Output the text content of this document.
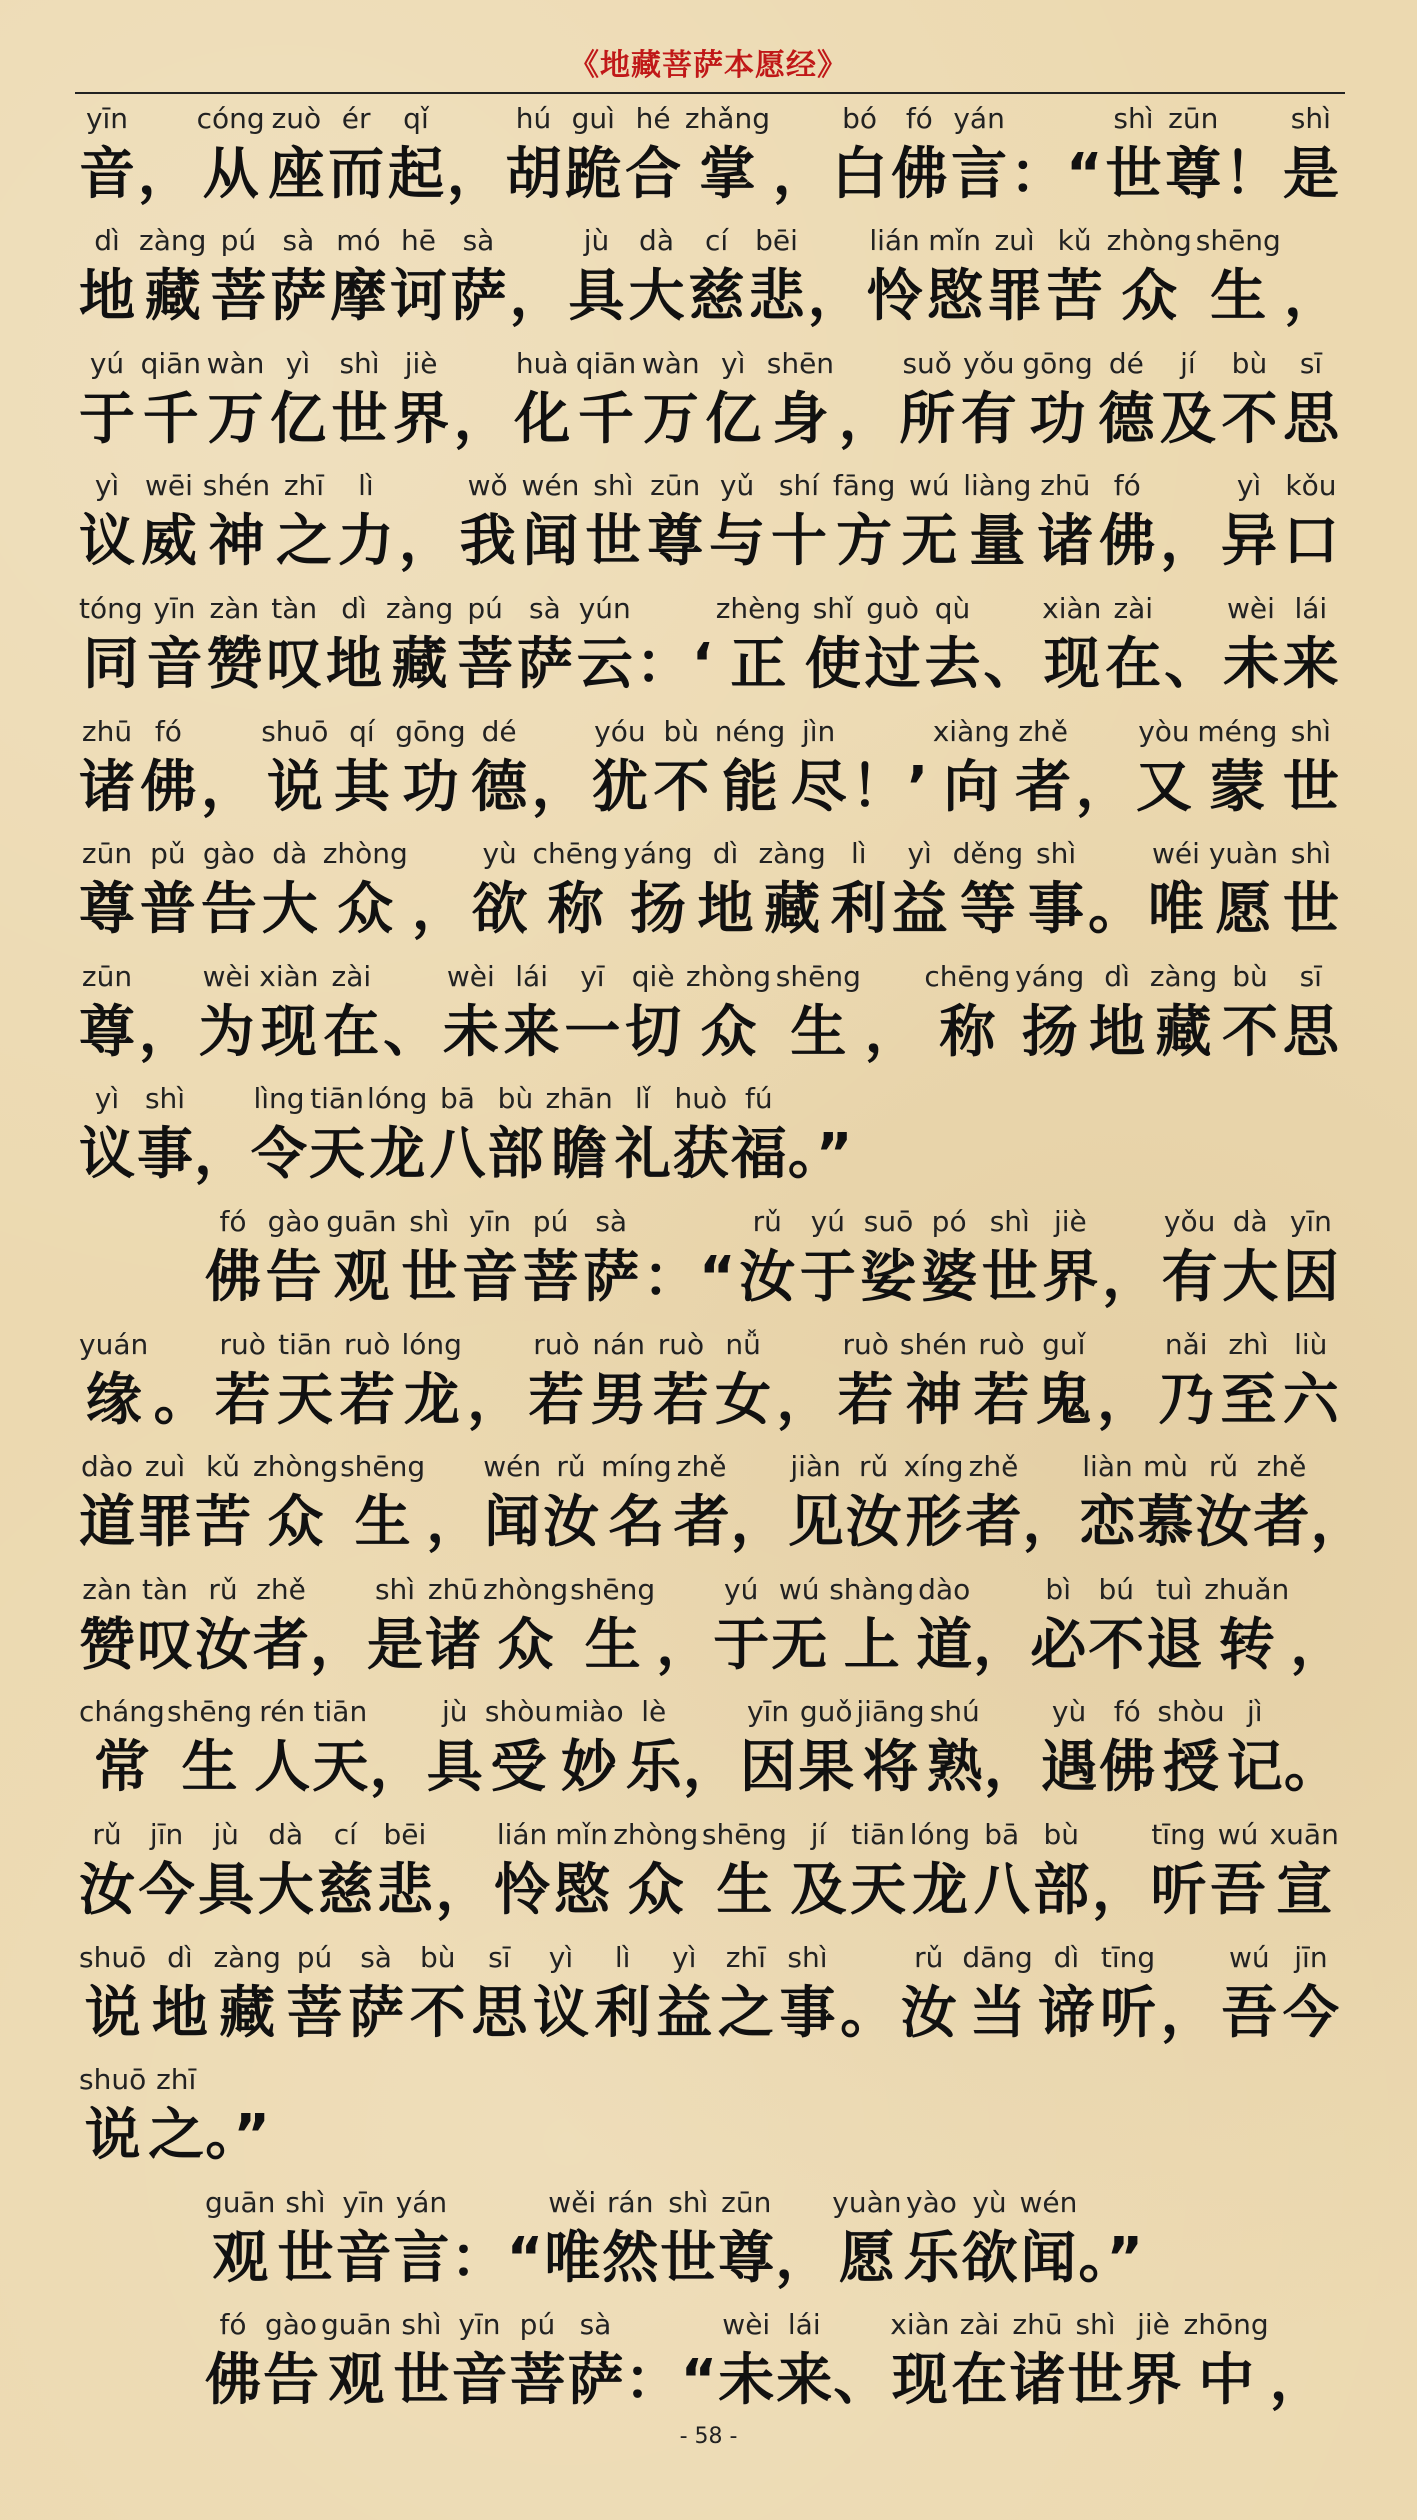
《地藏菩萨本愿经》
音yīn
， 从cóng
座zuò
而ér
起qǐ
， 胡hú
跪guì
合hé
掌zhǎng
， 白bó
佛fó
言yán
：“ 世shì
尊zūn
！ 是shì
地dì
藏zàng
菩pú
萨sà
摩mó
诃hē
萨sà
， 具jù
大dà
慈cí
悲bēi
， 怜lián
愍mǐn
罪zuì
苦kǔ
众zhòng
生shēng
，
于yú
千qiān
万wàn
亿yì
世shì
界jiè
， 化huà
千qiān
万wàn
亿yì
身shēn
， 所suǒ
有yǒu
功gōng
德dé
及jí
不bù
思sī
议yì
威wēi
神shén
之zhī
力lì
， 我wǒ
闻wén
世shì
尊zūn
与yǔ
十shí
方fāng
无wú
量liàng
诸zhū
佛fó
， 异yì
口kǒu
同tóng
音yīn
赞zàn
叹tàn
地dì
藏zàng
菩pú
萨sà
云yún
：‘ 正zhèng
使shǐ
过guò
去qù
、 现xiàn
在zài
、 未wèi
来lái
诸zhū
佛fó
， 说shuō
其qí
功gōng
德dé
， 犹yóu
不bù
能néng
尽jìn
！’ 向xiàng
者zhě
， 又yòu
蒙méng
世shì
尊zūn
普pǔ
告gào
大dà
众zhòng
， 欲yù
称chēng
扬yáng
地dì
藏zàng
利lì
益yì
等děng
事shì
。 唯wéi
愿yuàn
世shì
尊zūn
， 为wèi
现xiàn
在zài
、 未wèi
来lái
一yī
切qiè
众zhòng
生shēng
， 称chēng
扬yáng
地dì
藏zàng
不bù
思sī
议yì
事shì
， 令lìng
天tiān
龙lóng
八bā
部bù
瞻zhān
礼lǐ
获huò
福fú
。”
佛fó
告gào
观guān
世shì
音yīn
菩pú
萨sà
：“ 汝rǔ
于yú
娑suō
婆pó
世shì
界jiè
， 有yǒu
大dà
因yīn
缘yuán
。 若ruò
天tiān
若ruò
龙lóng
， 若ruò
男nán
若ruò
女nǚ
， 若ruò
神shén
若ruò
鬼guǐ
， 乃nǎi
至zhì
六liù
道dào
罪zuì
苦kǔ
众zhòng
生shēng
， 闻wén
汝rǔ
名míng
者zhě
， 见jiàn
汝rǔ
形xíng
者zhě
， 恋liàn
慕mù
汝rǔ
者zhě
，
赞zàn
叹tàn
汝rǔ
者zhě
， 是shì
诸zhū
众zhòng
生shēng
， 于yú
无wú
上shàng
道dào
， 必bì
不bú
退tuì
转zhuǎn
，
常cháng
生shēng
人rén
天tiān
， 具jù
受shòu
妙miào
乐lè
， 因yīn
果guǒ
将jiāng
熟shú
， 遇yù
佛fó
授shòu
记jì
。
汝rǔ
今jīn
具jù
大dà
慈cí
悲bēi
， 怜lián
愍mǐn
众zhòng
生shēng
及jí
天tiān
龙lóng
八bā
部bù
， 听tīng
吾wú
宣xuān
说shuō
地dì
藏zàng
菩pú
萨sà
不bù
思sī
议yì
利lì
益yì
之zhī
事shì
。 汝rǔ
当dāng
谛dì
听tīng
， 吾wú
今jīn
说shuō
之zhī
。”
观guān
世shì
音yīn
言yán
：“ 唯wěi
然rán
世shì
尊zūn
， 愿yuàn
乐yào
欲yù
闻wén
。”
佛fó
告gào
观guān
世shì
音yīn
菩pú
萨sà
：“ 未wèi
来lái
、 现xiàn
在zài
诸zhū
世shì
界jiè
中zhōng
，
- 58 -
